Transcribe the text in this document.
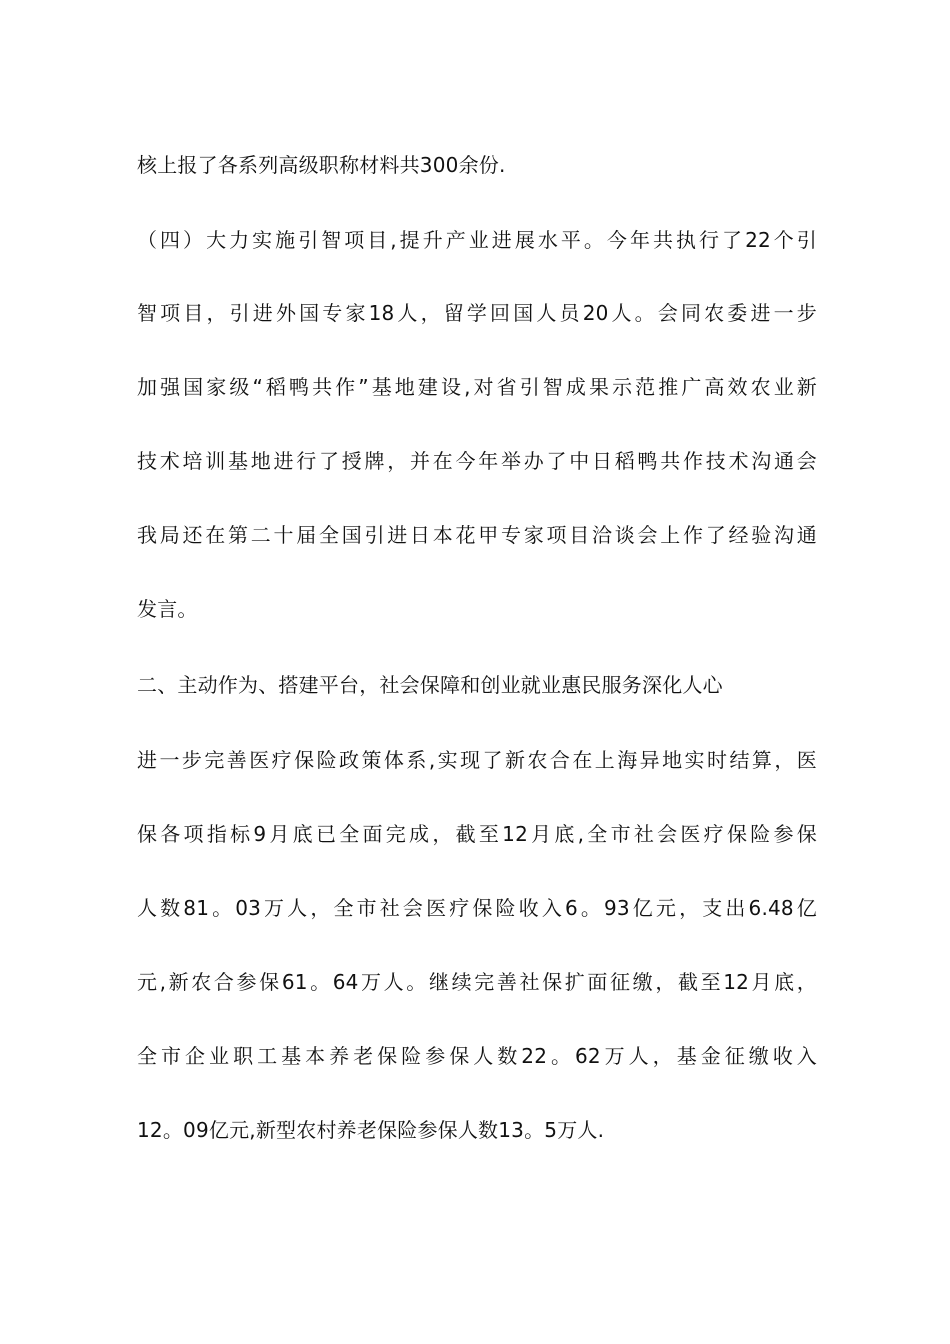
核上报了各系列高级职称材料共300余份.
（四）大力实施引智项目,提升产业进展水平。今年共执行了22个引
智项目，引进外国专家18人，留学回国人员20人。会同农委进一步
加强国家级“稻鸭共作”基地建设,对省引智成果示范推广高效农业新
技术培训基地进行了授牌，并在今年举办了中日稻鸭共作技术沟通会
我局还在第二十届全国引进日本花甲专家项目洽谈会上作了经验沟通
发言。
二、主动作为、搭建平台，社会保障和创业就业惠民服务深化人心
进一步完善医疗保险政策体系,实现了新农合在上海异地实时结算，医
保各项指标9月底已全面完成，截至12月底,全市社会医疗保险参保
人数81。03万人，全市社会医疗保险收入6。93亿元，支出6.48亿
元,新农合参保61。64万人。继续完善社保扩面征缴，截至12月底，
全市企业职工基本养老保险参保人数22。62万人，基金征缴收入
12。09亿元,新型农村养老保险参保人数13。5万人.
